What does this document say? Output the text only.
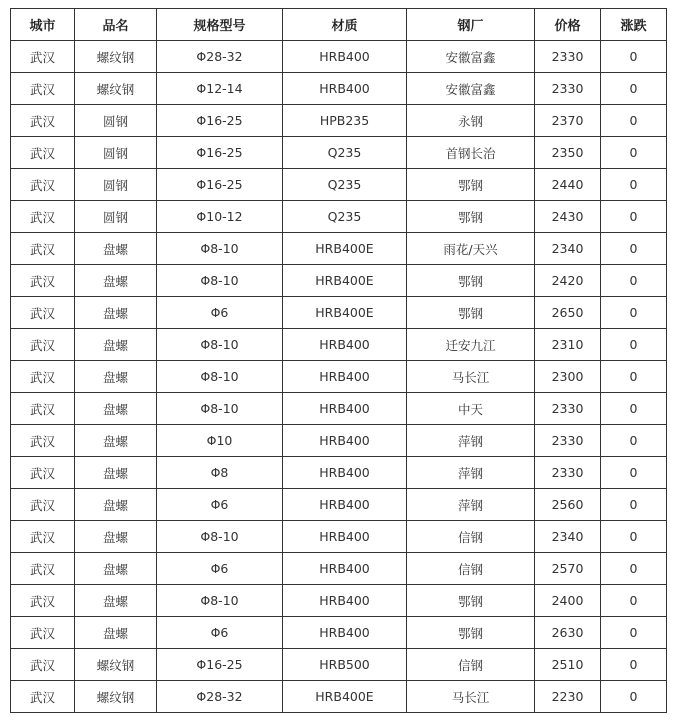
城市	品名	规格型号	材质	钢厂	价格	涨跌
武汉	螺纹钢	Φ28-32	HRB400	安徽富鑫	2330	0
武汉	螺纹钢	Φ12-14	HRB400	安徽富鑫	2330	0
武汉	圆钢	Φ16-25	HPB235	永钢	2370	0
武汉	圆钢	Φ16-25	Q235	首钢长治	2350	0
武汉	圆钢	Φ16-25	Q235	鄂钢	2440	0
武汉	圆钢	Φ10-12	Q235	鄂钢	2430	0
武汉	盘螺	Φ8-10	HRB400E	雨花/天兴	2340	0
武汉	盘螺	Φ8-10	HRB400E	鄂钢	2420	0
武汉	盘螺	Φ6	HRB400E	鄂钢	2650	0
武汉	盘螺	Φ8-10	HRB400	迁安九江	2310	0
武汉	盘螺	Φ8-10	HRB400	马长江	2300	0
武汉	盘螺	Φ8-10	HRB400	中天	2330	0
武汉	盘螺	Φ10	HRB400	萍钢	2330	0
武汉	盘螺	Φ8	HRB400	萍钢	2330	0
武汉	盘螺	Φ6	HRB400	萍钢	2560	0
武汉	盘螺	Φ8-10	HRB400	信钢	2340	0
武汉	盘螺	Φ6	HRB400	信钢	2570	0
武汉	盘螺	Φ8-10	HRB400	鄂钢	2400	0
武汉	盘螺	Φ6	HRB400	鄂钢	2630	0
武汉	螺纹钢	Φ16-25	HRB500	信钢	2510	0
武汉	螺纹钢	Φ28-32	HRB400E	马长江	2230	0
